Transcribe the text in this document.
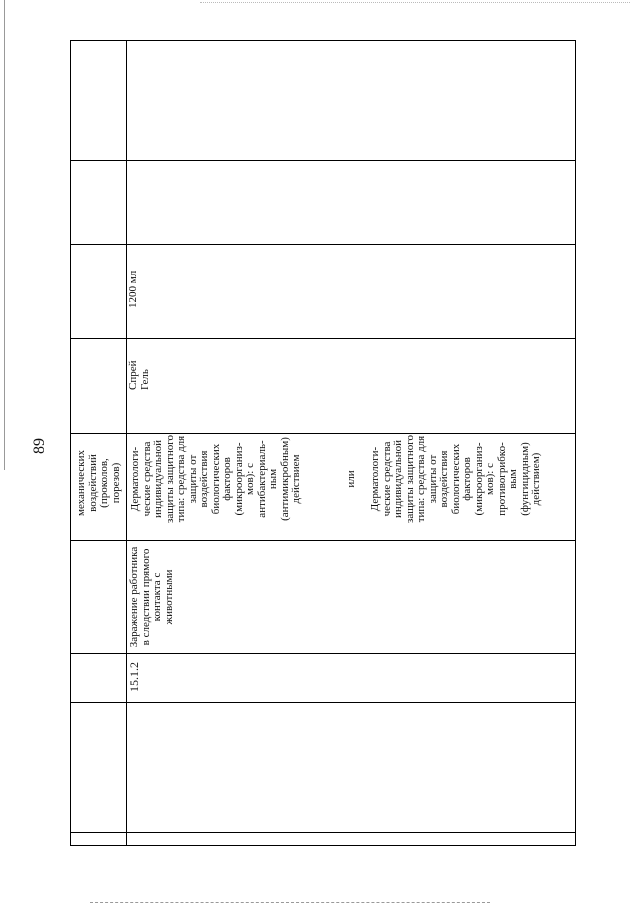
89
механических
воздействий
(проколов,
порезов)
15.1.2
Заражение работника
в следствии прямого
контакта с
животными
Дерматологи-
ческие средства
индивидуальной
защиты защитного
типа: средства для
защиты от
воздействия
биологических
факторов
(микроорганиз-
мов): с
антибактериаль-
ным
(антимикробным)
действием	или Дерматологи-
ческие средства
индивидуальной
защиты защитного
типа: средства для
защиты от
воздействия
биологических
факторов
(микроорганиз-
мов): с
противогрибко-
вым
(фунгицидным)
действием)
Спрей
Гель
1200 мл
